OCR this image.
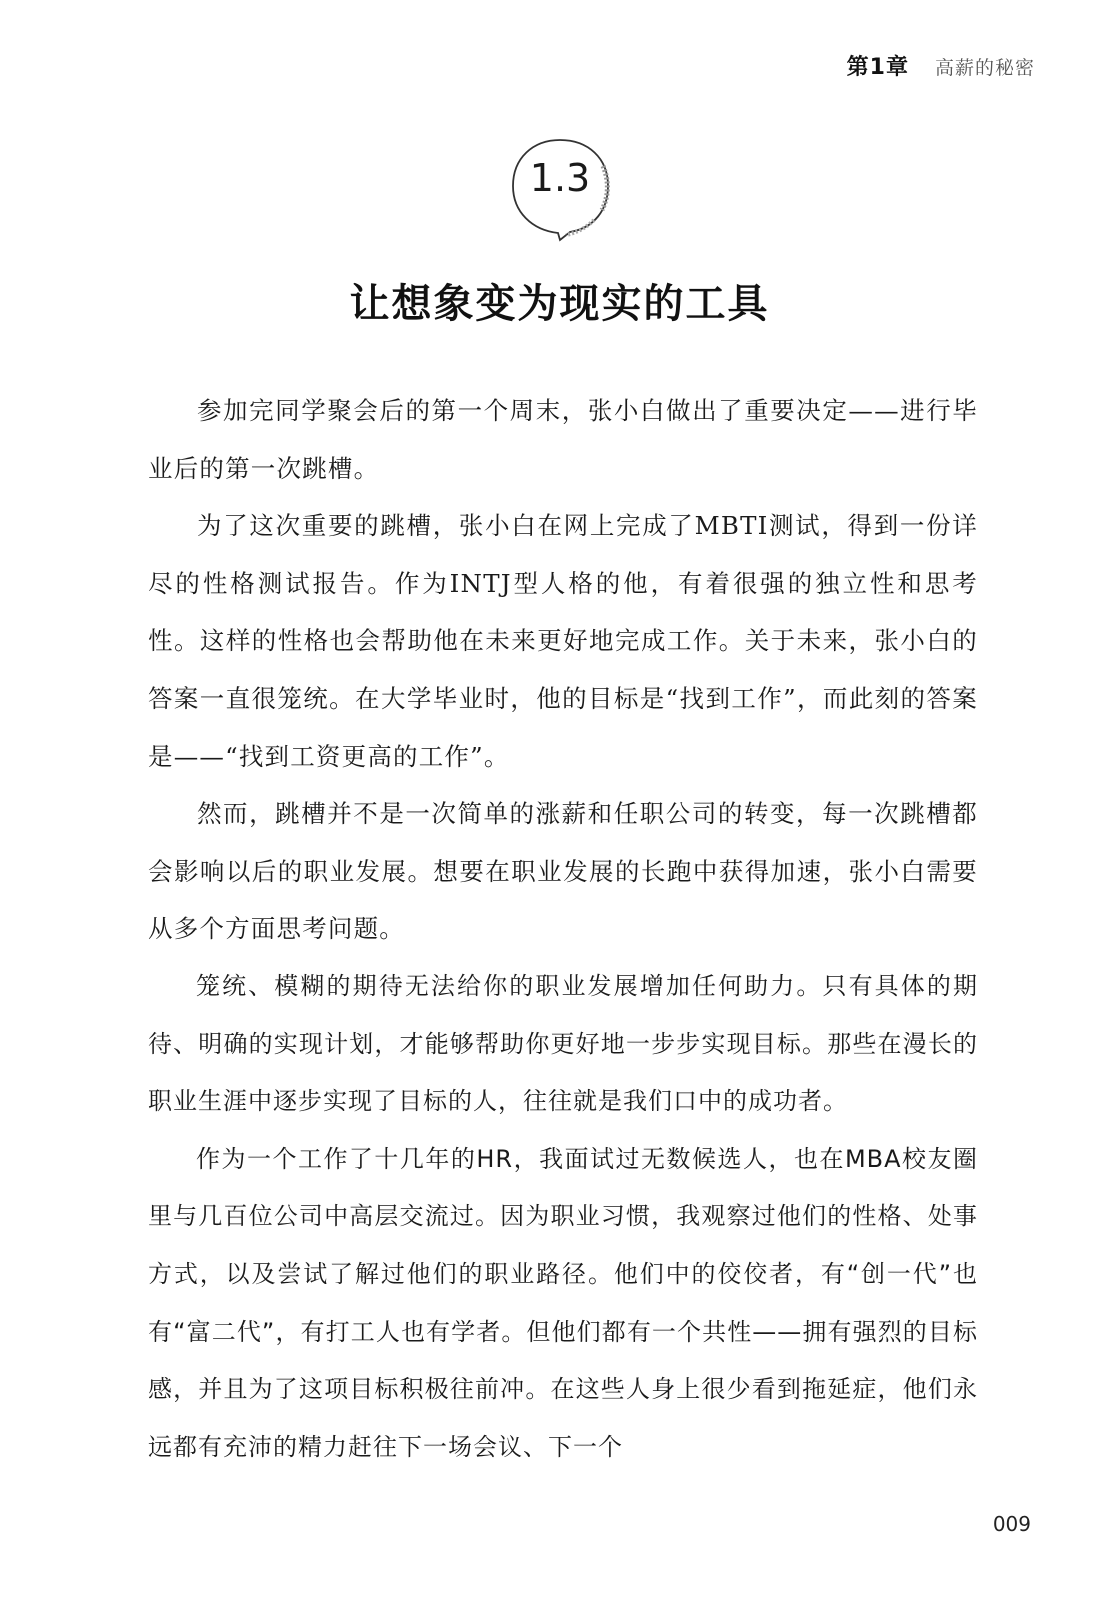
第1章 高薪的秘密
1.3
让想象变为现实的工具

参加完同学聚会后的第一个周末，张小白做出了重要决定——进行毕业后的第一次跳槽。

为了这次重要的跳槽，张小白在网上完成了MBTI测试，得到一份详尽的性格测试报告。作为INTJ型人格的他，有着很强的独立性和思考性。这样的性格也会帮助他在未来更好地完成工作。关于未来，张小白的答案一直很笼统。在大学毕业时，他的目标是“找到工作”，而此刻的答案是——“找到工资更高的工作”。

然而，跳槽并不是一次简单的涨薪和任职公司的转变，每一次跳槽都会影响以后的职业发展。想要在职业发展的长跑中获得加速，张小白需要从多个方面思考问题。

笼统、模糊的期待无法给你的职业发展增加任何助力。只有具体的期待、明确的实现计划，才能够帮助你更好地一步步实现目标。那些在漫长的职业生涯中逐步实现了目标的人，往往就是我们口中的成功者。

作为一个工作了十几年的HR，我面试过无数候选人，也在MBA校友圈里与几百位公司中高层交流过。因为职业习惯，我观察过他们的性格、处事方式，以及尝试了解过他们的职业路径。他们中的佼佼者，有“创一代”也有“富二代”，有打工人也有学者。但他们都有一个共性——拥有强烈的目标感，并且为了这项目标积极往前冲。在这些人身上很少看到拖延症，他们永远都有充沛的精力赶往下一场会议、下一个

009
